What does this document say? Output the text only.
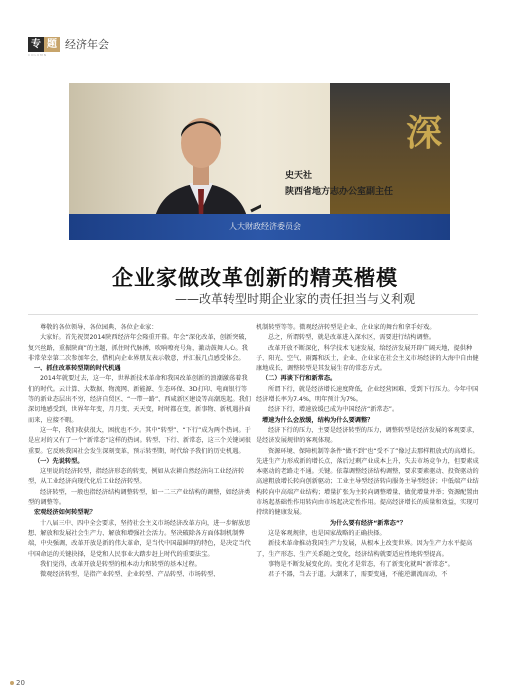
专 题 经济年会
COLUMN
深
人大财政经济委员会
史天社
陕西省地方志办公室副主任
企业家做改革创新的精英楷模
——改革转型时期企业家的责任担当与义利观

尊敬的各位领导、各位园典、各位企业家：

大家好。首先祝贺2014陕西经济年会隆重开幕。年会“深化改革，创新突破，复兴丝路，重振陕商”的主题，抓住时代脉搏，吹响嘹亮号角，激动鼓舞人心。我非常荣幸第二次参加年会，借机向企业界朋友表示敬意，并汇报几点感受体会。

一、抓住改革转型期的时代机遇

2014年就要过去，这一年，世界新技术革命和我国改革创新的浪潮激荡着我们的时代。云计算、大数据、物流网、新能源、生态环保、3D打印、电商银行等等的新业态层出不穷，经济自贸区、“一带一路”、西咸新区建设等高潮迭起。我们深切地感受到，世界年年变，月月变、天天变，时时都在变，新事物、新机遇扑面而来，应接不暇。

这一年，我们收获很大，困扰也不少。其中“转型”、“下行”成为两个热词。于是应对的又有了一个“新常态”这样的热词。转型、下行、新常态，这三个关键词很重要。它反映我国社会发生深刻变革，预示转型期，时代给予我们的历史机遇。

（一）先说转型。

这里说的经济转型，指经济形态的转变，例如从农耕自然经济向工业经济转型，从工业经济向现代化后工业经济转型。

经济转型，一般也指经济结构调整转型，如一二三产业结构的调整，如经济类型的调整等。

宏观经济如何转型呢？

十八届三中、四中全会要求，坚持社会主义市场经济改革方向，进一步解放思想、解放和发展社会生产力、解放和增强社会活力。坚决破除各方面体制机制弊端，中央强调，改革开放是新的伟大革命，是当代中国最鲜明的特色，是决定当代中国命运的关键抉择，是党和人民事业大踏步赶上时代的重要法宝。

我们觉得，改革开放是转型的根本动力和转型的基本过程。

微观经济转型，是指产业转型、企业转型、产品转型、市场转型、

机制转型等等。微观经济转型是企业、企业家的舞台和拿手好戏。

总之，所谓转型，就是改革进入深水区，需要进行结构调整。

改革开放不断深化，科学技术飞速发展，给经济发展开辟广阔天地，提供种子、阳光、空气、雨露和沃土，企业、企业家在社会主义市场经济的大海中自由健康地成长，调整转型是其发展生存的常态方式。

（二）再谈下行和新常态。

所谓下行，就是经济增长速度降低，企业经营困难、受到下行压力。今年中国经济增长率为7.4%，明年预计为7%。

经济下行，增速放缓已成为中国经济“新常态”。

增速为什么会放缓，结构为什么要调整？

经济下行的压力，主要是经济转型的压力，调整转型是经济发展的客观要求，是经济发展规律的客观体现。

资源环境、保障机制等条件“做不到”也“受不了”像过去那样粗放式的高增长。先进生产力形成新的增长点，落后过剩产业成本上升，失去市场竞争力，但要素成本驱动的老路走不通。关键。依靠调整经济结构调整，要求要素驱动、投资驱动的高速粗放增长转向创新驱动；工业主导型经济转向服务主导型经济；中低端产业结构转向中高端产业结构；增量扩张为主转向调整增量、做优增量并举；资源配置由市场起基础性作用转向由市场起决定性作用。提高经济增长的质量和效益，实现可持续的健康发展。

为什么要有经济“新常态”？

这是客观规律，也是国家战略的正确抉择。

新技术革命推动我国生产力发展，从根本上改变世界。因为生产力水平提高了，生产形态、生产关系随之变化，经济结构就要适应性地转型提高。

事物是不断发展变化的。变化才是常态，有了新变化就叫“新常态”。

君子不器，当去于道。大潮来了，需要变通，不能逆潮流而动，不

20
